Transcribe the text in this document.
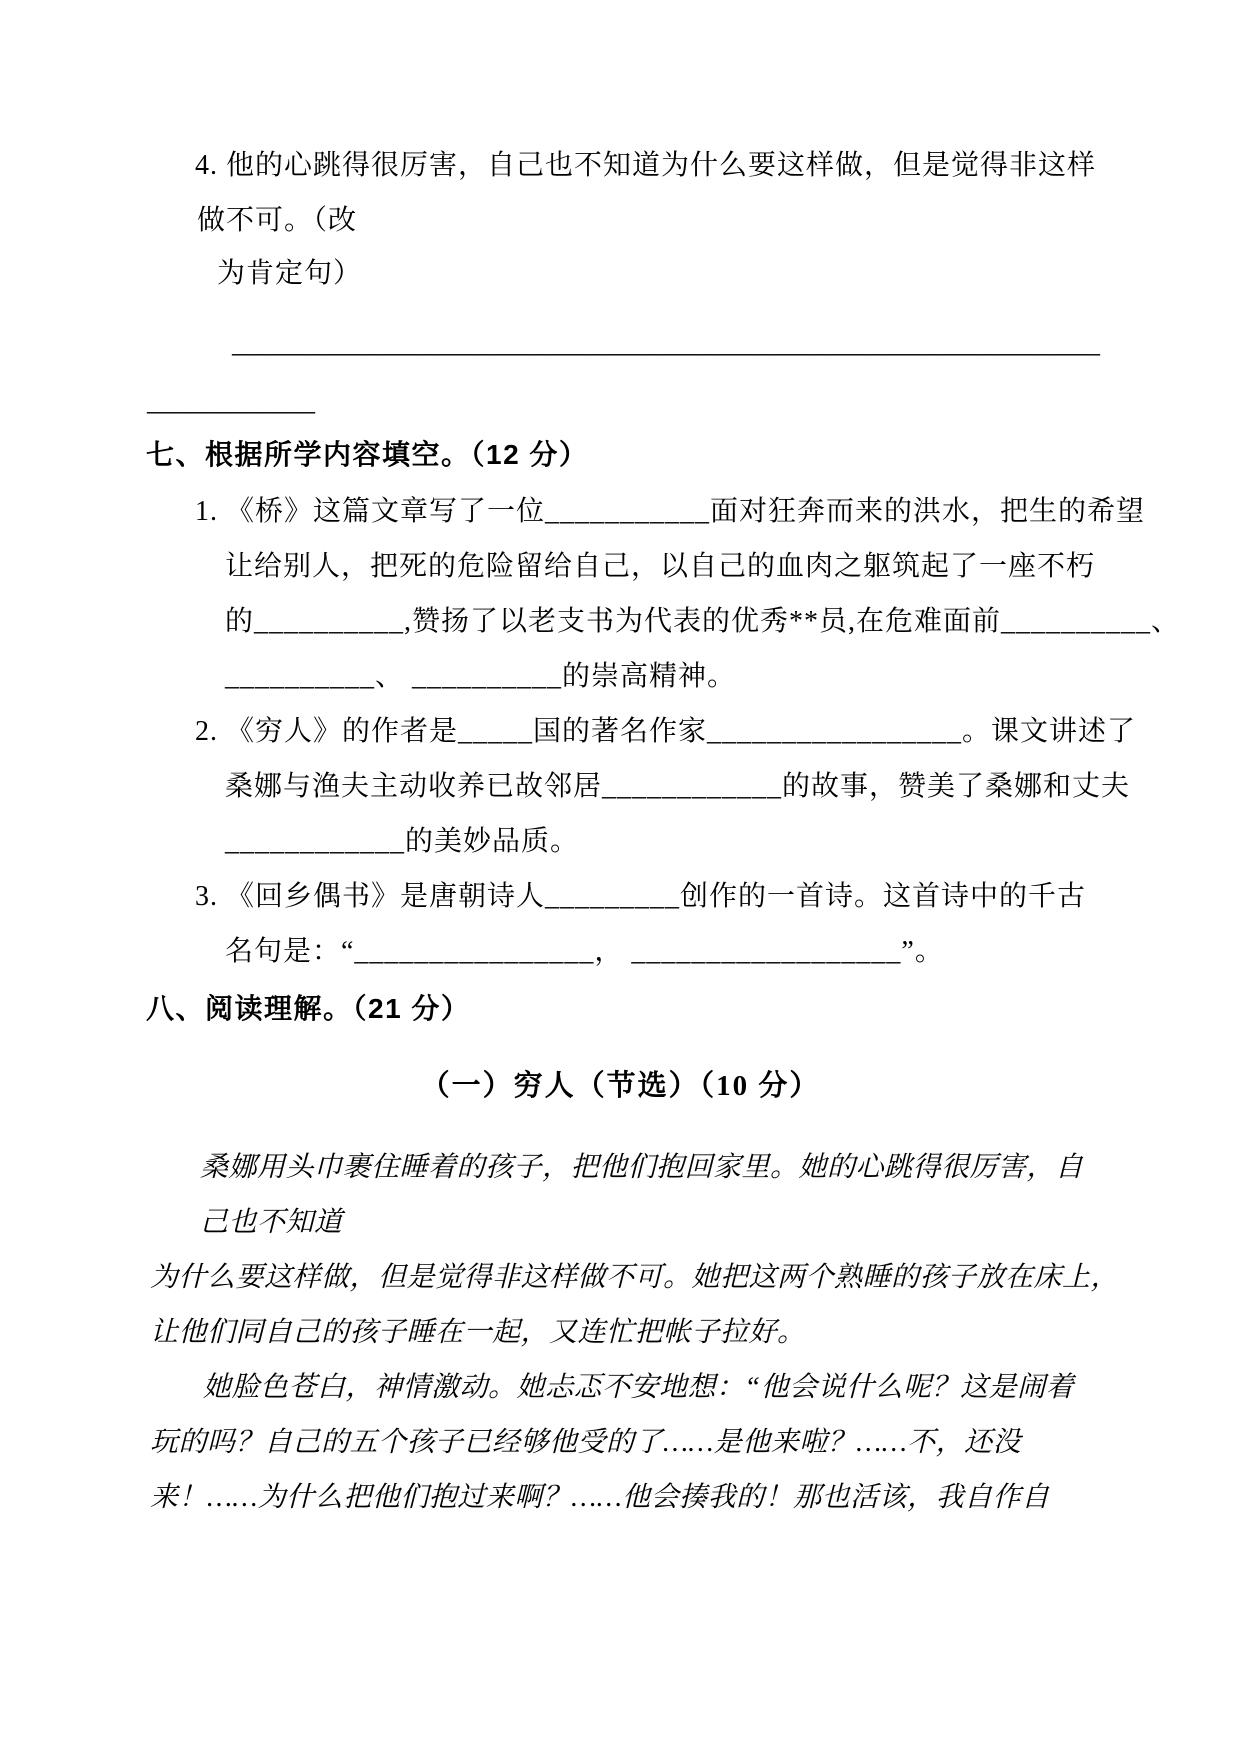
4. 他的心跳得很厉害，自己也不知道为什么要这样做，但是觉得非这样
做不可。（改
为肯定句）
______________________________________________________________
____________
七、根据所学内容填空。（12 分）
1. 《桥》这篇文章写了一位___________面对狂奔而来的洪水，把生的希望
让给别人，把死的危险留给自己，以自己的血肉之躯筑起了一座不朽
的__________,赞扬了以老支书为代表的优秀**员,在危难面前__________、
__________、 __________的崇高精神。
2. 《穷人》的作者是_____国的著名作家_________________。课文讲述了
桑娜与渔夫主动收养已故邻居____________的故事，赞美了桑娜和丈夫
____________的美妙品质。
3. 《回乡偶书》是唐朝诗人_________创作的一首诗。这首诗中的千古
名句是：“________________， __________________”。
八、阅读理解。（21 分）
（一）穷人（节选）（10 分）
桑娜用头巾裹住睡着的孩子，把他们抱回家里。她的心跳得很厉害，自
己也不知道
为什么要这样做，但是觉得非这样做不可。她把这两个熟睡的孩子放在床上，
让他们同自己的孩子睡在一起，又连忙把帐子拉好。
她脸色苍白，神情激动。她忐忑不安地想：“他会说什么呢？这是闹着
玩的吗？自己的五个孩子已经够他受的了……是他来啦？……不，还没
来！……为什么把他们抱过来啊？……他会揍我的！那也活该，我自作自
